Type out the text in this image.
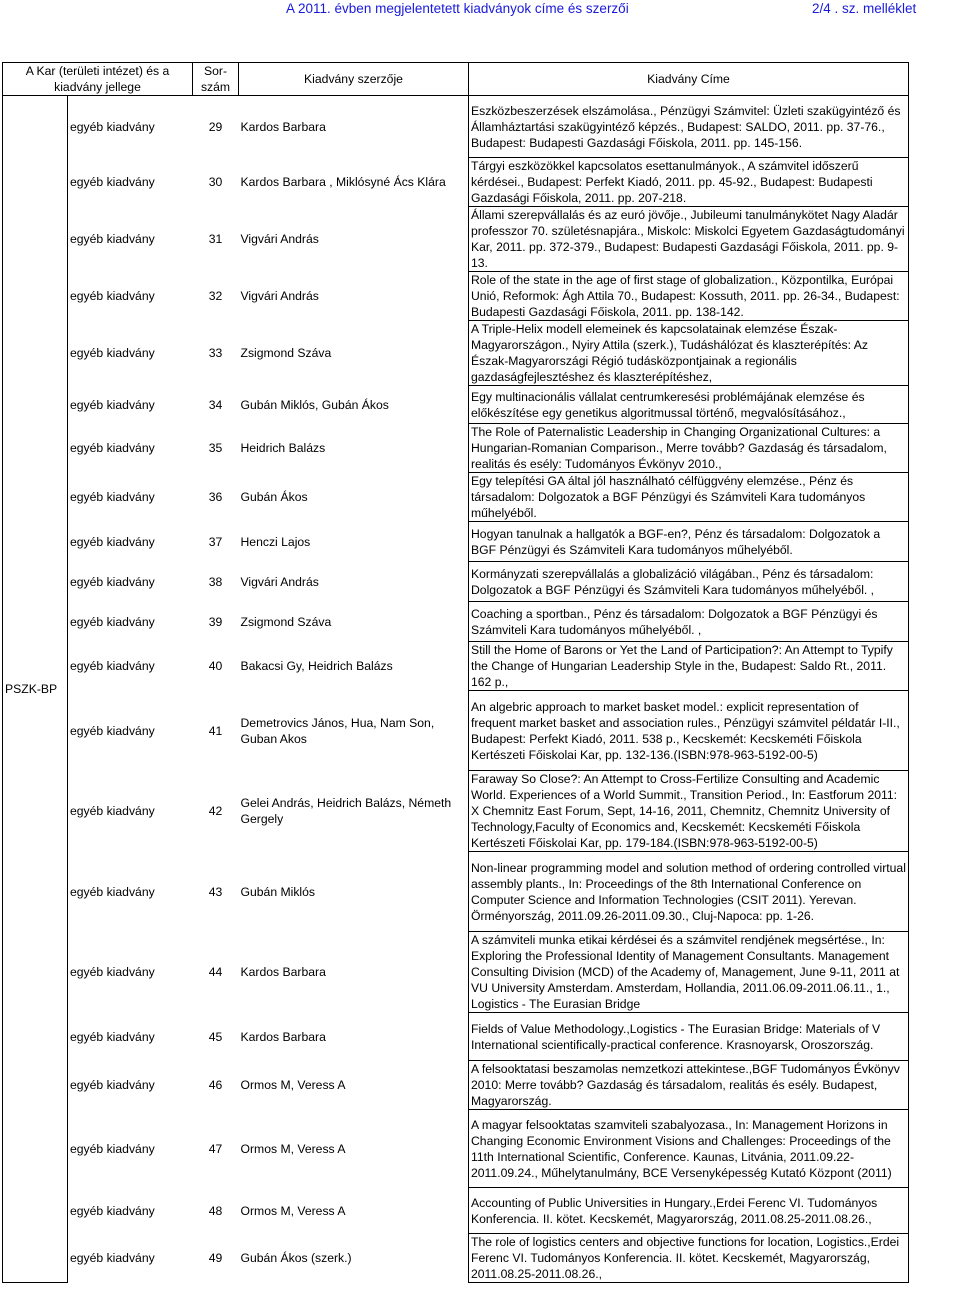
A 2011. évben megjelentetett kiadványok címe és szerzői	2/4 . sz. melléklet
A Kar (területi intézet) és a kiadvány jellege		Sor-szám	Kiadvány szerzője	Kiadvány Címe
PSZK-BP	egyéb kiadvány	29	Kardos Barbara	Eszközbeszerzések elszámolása., Pénzügyi Számvitel: Üzleti szakügyintéző és Államháztartási szakügyintéző képzés., Budapest: SALDO, 2011. pp. 37-76., Budapest: Budapesti Gazdasági Főiskola, 2011. pp. 145-156.
	egyéb kiadvány	30	Kardos Barbara , Miklósyné Ács Klára	Tárgyi eszközökkel kapcsolatos esettanulmányok., A számvitel időszerű kérdései., Budapest: Perfekt Kiadó, 2011. pp. 45-92., Budapest: Budapesti Gazdasági Főiskola, 2011. pp. 207-218.
	egyéb kiadvány	31	Vigvári András	Állami szerepvállalás és az euró jövője., Jubileumi tanulmánykötet Nagy Aladár professzor 70. születésnapjára., Miskolc: Miskolci Egyetem Gazdaságtudományi Kar, 2011. pp. 372-379., Budapest: Budapesti Gazdasági Főiskola, 2011. pp. 9-13.
	egyéb kiadvány	32	Vigvári András	Role of the state in the age of first stage of globalization., Központilka, Európai Unió, Reformok: Ágh Attila 70., Budapest: Kossuth, 2011. pp. 26-34., Budapest: Budapesti Gazdasági Főiskola, 2011. pp. 138-142.
	egyéb kiadvány	33	Zsigmond Száva	A Triple-Helix modell elemeinek és kapcsolatainak elemzése Észak-Magyarországon., Nyiry Attila (szerk.), Tudáshálózat és klaszterépítés: Az Észak-Magyarországi Régió tudásközpontjainak a regionális gazdaságfejlesztéshez és klaszterépítéshez,
	egyéb kiadvány	34	Gubán Miklós, Gubán Ákos	Egy multinacionális vállalat centrumkeresési problémájának elemzése és előkészítése egy genetikus algoritmussal történő, megvalósításához.,
	egyéb kiadvány	35	Heidrich Balázs	The Role of Paternalistic Leadership in Changing Organizational Cultures: a Hungarian-Romanian Comparison., Merre tovább? Gazdaság és társadalom, realitás és esély: Tudományos Évkönyv 2010.,
	egyéb kiadvány	36	Gubán Ákos	Egy telepítési GA által jól használható célfüggvény elemzése., Pénz és társadalom: Dolgozatok a BGF Pénzügyi és Számviteli Kara tudományos műhelyéből.
	egyéb kiadvány	37	Henczi Lajos	Hogyan tanulnak a hallgatók a BGF-en?, Pénz és társadalom: Dolgozatok a BGF Pénzügyi és Számviteli Kara tudományos műhelyéből.
	egyéb kiadvány	38	Vigvári András	Kormányzati szerepvállalás a globalizáció világában., Pénz és társadalom: Dolgozatok a BGF Pénzügyi és Számviteli Kara tudományos műhelyéből. ,
	egyéb kiadvány	39	Zsigmond Száva	Coaching a sportban., Pénz és társadalom: Dolgozatok a BGF Pénzügyi és Számviteli Kara tudományos műhelyéből. ,
	egyéb kiadvány	40	Bakacsi Gy, Heidrich Balázs	Still the Home of Barons or Yet the Land of Participation?: An Attempt to Typify the Change of Hungarian Leadership Style in the, Budapest: Saldo Rt., 2011. 162 p.,
	egyéb kiadvány	41	Demetrovics János, Hua, Nam Son, Guban Akos	An algebric approach to market basket model.: explicit representation of frequent market basket and association rules., Pénzügyi számvitel példatár I-II., Budapest: Perfekt Kiadó, 2011. 538 p., Kecskemét: Kecskeméti Főiskola Kertészeti Főiskolai Kar, pp. 132-136.(ISBN:978-963-5192-00-5)
	egyéb kiadvány	42	Gelei András, Heidrich Balázs, Németh Gergely	Faraway So Close?: An Attempt to Cross-Fertilize Consulting and Academic World. Experiences of a World Summit., Transition Period., In: Eastforum 2011: X Chemnitz East Forum, Sept, 14-16, 2011, Chemnitz, Chemnitz University of Technology,Faculty of Economics and, Kecskemét: Kecskeméti Főiskola Kertészeti Főiskolai Kar, pp. 179-184.(ISBN:978-963-5192-00-5)
	egyéb kiadvány	43	Gubán Miklós	Non-linear programming model and solution method of ordering controlled virtual assembly plants., In: Proceedings of the 8th International Conference on Computer Science and Information Technologies (CSIT 2011). Yerevan. Örményország, 2011.09.26-2011.09.30., Cluj-Napoca: pp. 1-26.
	egyéb kiadvány	44	Kardos Barbara	A számviteli munka etikai kérdései és a számvitel rendjének megsértése., In: Exploring the Professional Identity of Management Consultants. Management Consulting Division (MCD) of the Academy of, Management, June 9-11, 2011 at VU University Amsterdam. Amsterdam, Hollandia, 2011.06.09-2011.06.11., 1., Logistics - The Eurasian Bridge
	egyéb kiadvány	45	Kardos Barbara	Fields of Value Methodology.,Logistics - The Eurasian Bridge: Materials of V International scientifically-practical conference. Krasnoyarsk, Oroszország.
	egyéb kiadvány	46	Ormos M, Veress A	A felsooktatasi beszamolas nemzetkozi attekintese.,BGF Tudományos Évkönyv 2010: Merre tovább? Gazdaság és társadalom, realitás és esély. Budapest, Magyarország.
	egyéb kiadvány	47	Ormos M, Veress A	A magyar felsooktatas szamviteli szabalyozasa., In: Management Horizons in Changing Economic Environment Visions and Challenges: Proceedings of the 11th International Scientific, Conference. Kaunas, Litvánia, 2011.09.22-2011.09.24., Műhelytanulmány, BCE Versenyképesség Kutató Központ (2011)
	egyéb kiadvány	48	Ormos M, Veress A	Accounting of Public Universities in Hungary.,Erdei Ferenc VI. Tudományos Konferencia. II. kötet. Kecskemét, Magyarország, 2011.08.25-2011.08.26.,
	egyéb kiadvány	49	Gubán Ákos (szerk.)	The role of logistics centers and objective functions for location, Logistics.,Erdei Ferenc VI. Tudományos Konferencia. II. kötet. Kecskemét, Magyarország, 2011.08.25-2011.08.26.,
